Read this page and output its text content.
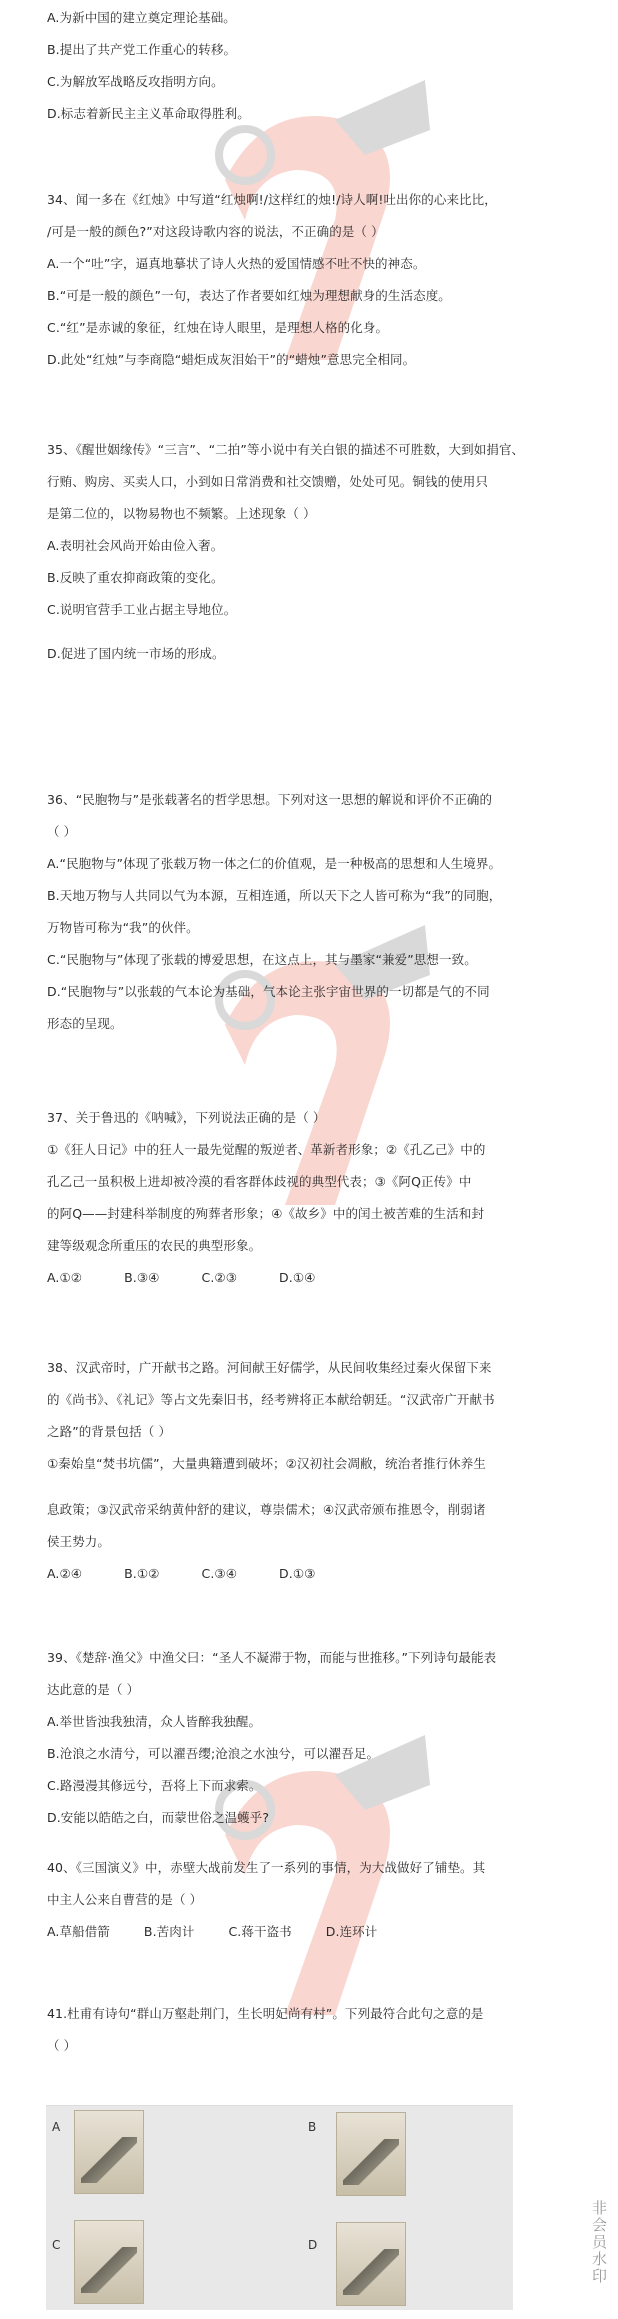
A.为新中国的建立奠定理论基础。
B.提出了共产党工作重心的转移。
C.为解放军战略反攻指明方向。
D.标志着新民主主义革命取得胜利。
34、闻一多在《红烛》中写道“红烛啊!/这样红的烛!/诗人啊!吐出你的心来比比，
/可是一般的颜色?”对这段诗歌内容的说法，不正确的是（ ）
A.一个“吐”字，逼真地摹状了诗人火热的爱国情感不吐不快的神态。
B.“可是一般的颜色”一句，表达了作者要如红烛为理想献身的生活态度。
C.“红”是赤诚的象征，红烛在诗人眼里，是理想人格的化身。
D.此处“红烛”与李商隐“蜡炬成灰泪始干”的“蜡烛”意思完全相同。
35、《醒世姻缘传》“三言”、“二拍”等小说中有关白银的描述不可胜数，大到如捐官、
行贿、购房、买卖人口，小到如日常消费和社交馈赠，处处可见。铜钱的使用只
是第二位的，以物易物也不频繁。上述现象（ ）
A.表明社会风尚开始由俭入奢。
B.反映了重农抑商政策的变化。
C.说明官营手工业占据主导地位。
D.促进了国内统一市场的形成。
36、“民胞物与”是张载著名的哲学思想。下列对这一思想的解说和评价不正确的
（ ）
A.“民胞物与”体现了张载万物一体之仁的价值观，是一种极高的思想和人生境界。
B.天地万物与人共同以气为本源，互相连通，所以天下之人皆可称为“我”的同胞，
万物皆可称为“我”的伙伴。
C.“民胞物与”体现了张载的博爱思想，在这点上，其与墨家“兼爱”思想一致。
D.“民胞物与”以张载的气本论为基础，气本论主张宇宙世界的一切都是气的不同
形态的呈现。
37、关于鲁迅的《呐喊》，下列说法正确的是（ ）
①《狂人日记》中的狂人一最先觉醒的叛逆者、革新者形象；②《孔乙己》中的
孔乙己一虽积极上进却被冷漠的看客群体歧视的典型代表；③《阿Q正传》中
的阿Q——封建科举制度的殉葬者形象；④《故乡》中的闰土被苦难的生活和封
建等级观念所重压的农民的典型形象。
A.①②	B.③④	C.②③	D.①④
38、汉武帝时，广开献书之路。河间献王好儒学，从民间收集经过秦火保留下来
的《尚书》、《礼记》等占文先秦旧书，经考辨将正本献给朝廷。“汉武帝广开献书
之路”的背景包括（ ）
①秦始皇“焚书坑儒”，大量典籍遭到破坏；②汉初社会凋敝，统治者推行休养生
息政策；③汉武帝采纳黄仲舒的建议，尊崇儒术；④汉武帝颁布推恩令，削弱诸
侯王势力。
A.②④	B.①②	C.③④	D.①③
39、《楚辞·渔父》中渔父曰：“圣人不凝滞于物，而能与世推移。”下列诗句最能表
达此意的是（ ）
A.举世皆浊我独清，众人皆醉我独醒。
B.沧浪之水清兮，可以濯吾缨;沧浪之水浊兮，可以濯吾足。
C.路漫漫其修远兮，吾将上下而求索。
D.安能以皓皓之白，而蒙世俗之温蠖乎?
40、《三国演义》中，赤壁大战前发生了一系列的事情，为大战做好了铺垫。其
中主人公来自曹营的是（ ）
A.草船借箭	B.苦肉计	C.蒋干盗书	D.连环计
41.杜甫有诗句“群山万壑赴荆门，生长明妃尚有村”。下列最符合此句之意的是
（ ）
A	B
C	D	非会员水印
